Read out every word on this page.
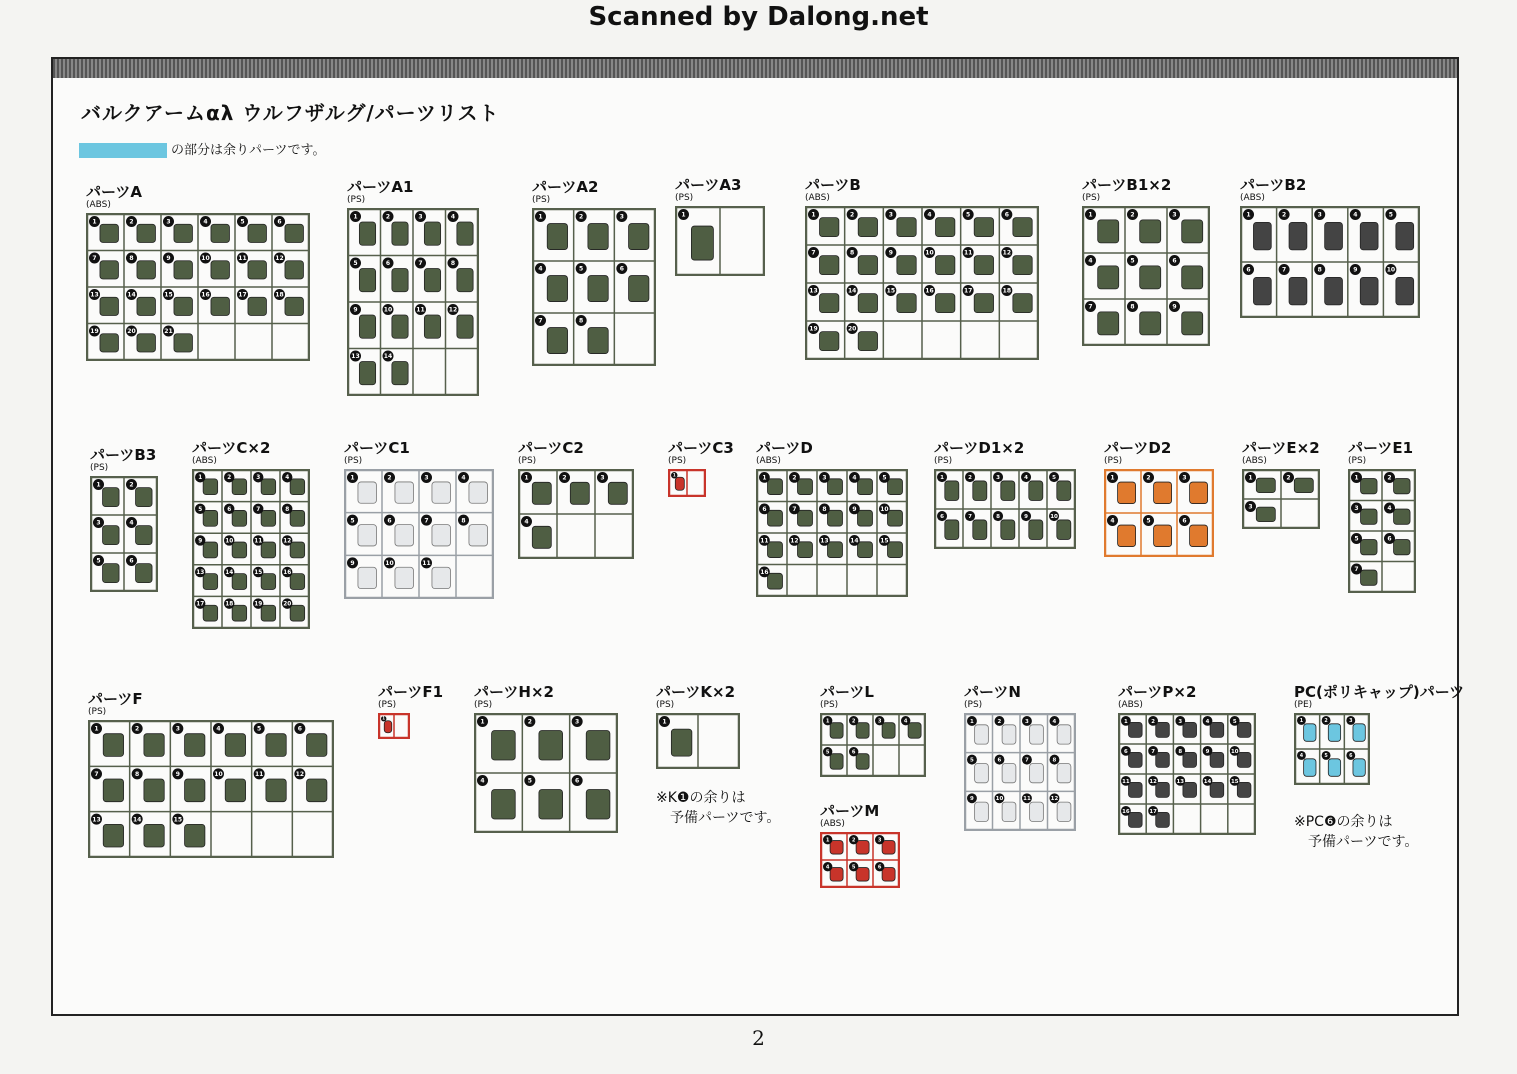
Scanned by Dalong.net
バルクアームαλ ウルフザルグ/パーツリスト
の部分は余りパーツです。
パーツA
(ABS)
1	2	3	4	5	6
7	8	9	10	11	12
13	14	15	16	17	18
19	20	21
パーツA1
(PS)
1	2	3	4
5	6	7	8
9	10	11	12
13	14
パーツA2
(PS)
1	2	3
4	5	6
7	8
パーツA3
(PS)
1
パーツB
(ABS)
1	2	3	4	5	6
7	8	9	10	11	12
13	14	15	16	17	18
19	20
パーツB1×2
(PS)
1	2	3
4	5	6
7	8	9
パーツB2
(ABS)
1	2	3	4	5
6	7	8	9	10
パーツB3
(PS)
1	2
3	4
5	6
パーツC×2
(ABS)
1	2	3	4
5	6	7	8
9	10	11	12
13	14	15	16
17	18	19	20
パーツC1
(PS)
1	2	3	4
5	6	7	8
9	10	11
パーツC2
(PS)
1	2	3
4
パーツC3
(PS)
1
パーツD
(ABS)
1	2	3	4	5
6	7	8	9	10
11	12	13	14	15
16
パーツD1×2
(PS)
1	2	3	4	5
6	7	8	9	10
パーツD2
(PS)
1	2	3
4	5	6
パーツE×2
(ABS)
1	2
3
パーツE1
(PS)
1	2
3	4
5	6
7
パーツF
(PS)
1	2	3	4	5	6
7	8	9	10	11	12
13	14	15
パーツF1
(PS)
1
パーツH×2
(PS)
1	2	3
4	5	6
パーツK×2
(PS)
1
パーツL
(PS)
1	2	3	4
5	6
パーツM
(ABS)
1	2	3
4	5	6
パーツN
(PS)
1	2	3	4
5	6	7	8
9	10	11	12
パーツP×2
(ABS)
1	2	3	4	5
6	7	8	9	10
11	12	13	14	15
16	17
PC(ポリキャップ)パーツ
(PE)
1	2	3
4	5	6
※K❶の余りは
予備パーツです。	※PC❻の余りは
予備パーツです。
2
